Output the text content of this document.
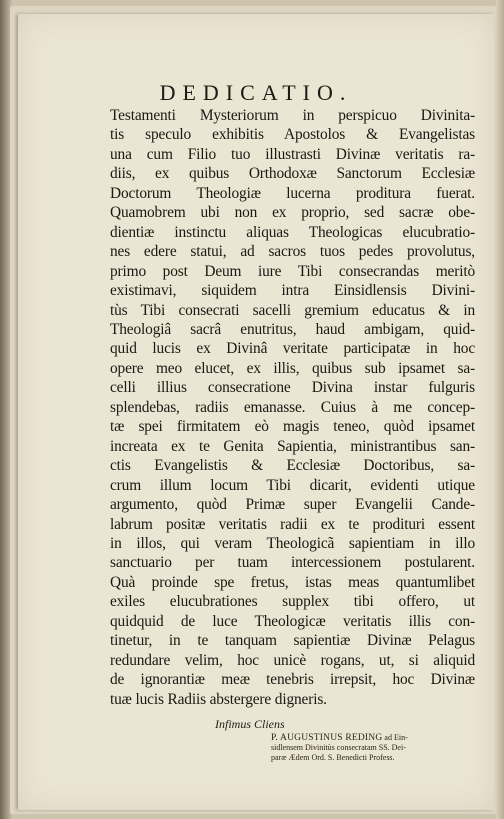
DEDICATIO.
Testamenti Mysteriorum in perspicuo Divinita-
tis speculo exhibitis Apostolos & Evangelistas
una cum Filio tuo illustrasti Divinæ veritatis ra-
diis, ex quibus Orthodoxæ Sanctorum Ecclesiæ
Doctorum Theologiæ lucerna proditura fuerat.
Quamobrem ubi non ex proprio, sed sacræ obe-
dientiæ instinctu aliquas Theologicas elucubratio-
nes edere statui, ad sacros tuos pedes provolutus,
primo post Deum iure Tibi consecrandas meritò
existimavi, siquidem intra Einsidlensis Divini-
tùs Tibi consecrati sacelli gremium educatus & in
Theologiâ sacrâ enutritus, haud ambigam, quid-
quid lucis ex Divinâ veritate participatæ in hoc
opere meo elucet, ex illis, quibus sub ipsamet sa-
celli illius consecratione Divina instar fulguris
splendebas, radiis emanasse. Cuius à me concep-
tæ spei firmitatem eò magis teneo, quòd ipsamet
increata ex te Genita Sapientia, ministrantibus san-
ctis Evangelistis & Ecclesiæ Doctoribus, sa-
crum illum locum Tibi dicarit, evidenti utique
argumento, quòd Primæ super Evangelii Cande-
labrum positæ veritatis radii ex te prodituri essent
in illos, qui veram Theologicã sapientiam in illo
sanctuario per tuam intercessionem postularent.
Quà proinde spe fretus, istas meas quantumlibet
exiles elucubrationes supplex tibi offero, ut
quidquid de luce Theologicæ veritatis illis con-
tinetur, in te tanquam sapientiæ Divinæ Pelagus
redundare velim, hoc unicè rogans, ut, si aliquid
de ignorantiæ meæ tenebris irrepsit, hoc Divinæ
tuæ lucis Radiis abstergere digneris.
Infimus Cliens
P. AUGUSTINUS REDING ad Ein-
sidlensem Divinitùs consecratam SS. Dei-
paræ Ædem Ord. S. Benedicti Profess.
